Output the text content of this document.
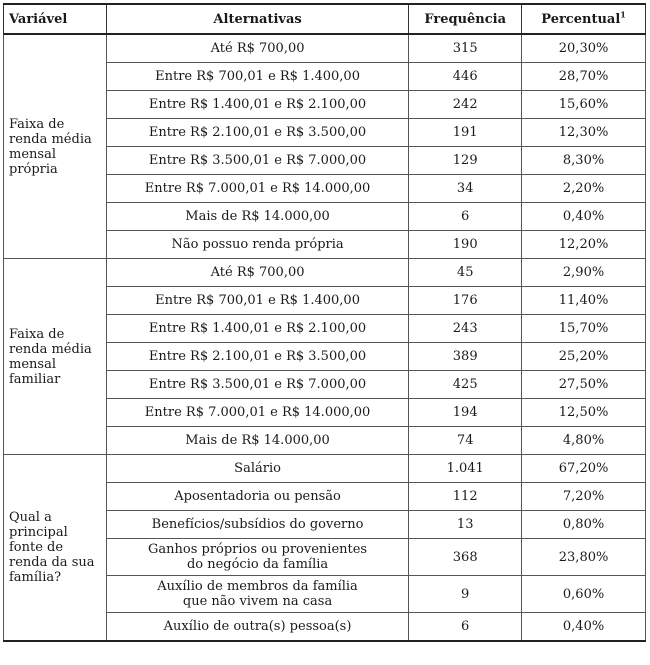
Variável	Alternativas	Frequência	Percentual$^1$
Faixa de renda média mensal própria	Até R$ 700,00	315	20,30%
	Entre R$ 700,01 e R$ 1.400,00	446	28,70%
	Entre R$ 1.400,01 e R$ 2.100,00	242	15,60%
	Entre R$ 2.100,01 e R$ 3.500,00	191	12,30%
	Entre R$ 3.500,01 e R$ 7.000,00	129	8,30%
	Entre R$ 7.000,01 e R$ 14.000,00	34	2,20%
	Mais de R$ 14.000,00	6	0,40%
	Não possuo renda própria	190	12,20%
Faixa de renda média mensal familiar	Até R$ 700,00	45	2,90%
	Entre R$ 700,01 e R$ 1.400,00	176	11,40%
	Entre R$ 1.400,01 e R$ 2.100,00	243	15,70%
	Entre R$ 2.100,01 e R$ 3.500,00	389	25,20%
	Entre R$ 3.500,01 e R$ 7.000,00	425	27,50%
	Entre R$ 7.000,01 e R$ 14.000,00	194	12,50%
	Mais de R$ 14.000,00	74	4,80%
Qual a principal fonte de renda da sua família?	Salário	1.041	67,20%
	Aposentadoria ou pensão	112	7,20%
	Benefícios/subsídios do governo	13	0,80%
	Ganhos próprios ou provenientes do negócio da família	368	23,80%
	Auxílio de membros da família que não vivem na casa	9	0,60%
	Auxílio de outra(s) pessoa(s)	6	0,40%
